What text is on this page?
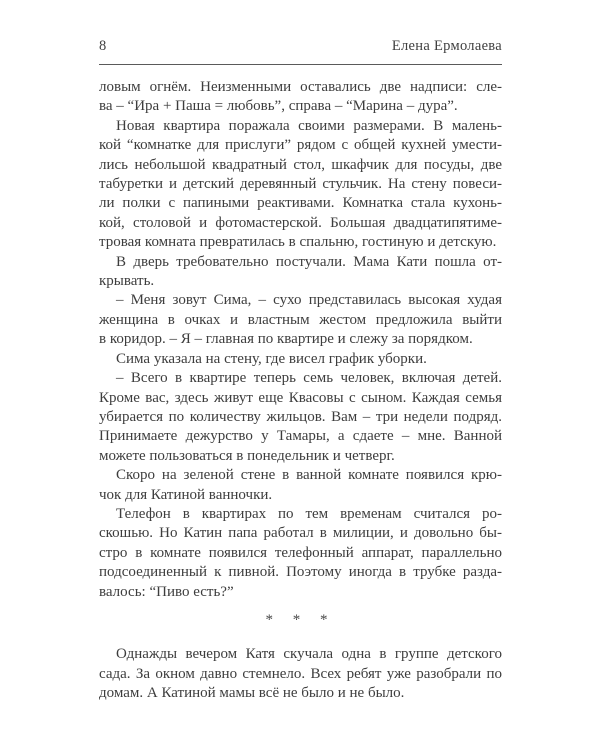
8	Елена Ермолаева
ловым огнём. Неизменными оставались две надписи: сле-
ва – “Ира + Паша = любовь”, справа – “Марина – дура”.
Новая квартира поражала своими размерами. В малень-
кой “комнатке для прислуги” рядом с общей кухней умести-
лись небольшой квадратный стол, шкафчик для посуды, две
табуретки и детский деревянный стульчик. На стену повеси-
ли полки с папиными реактивами. Комнатка стала кухонь-
кой, столовой и фотомастерской. Большая двадцатипятиме-
тровая комната превратилась в спальню, гостиную и детскую.
В дверь требовательно постучали. Мама Кати пошла от-
крывать.
– Меня зовут Сима, – сухо представилась высокая худая
женщина в очках и властным жестом предложила выйти
в коридор. – Я – главная по квартире и слежу за порядком.
Сима указала на стену, где висел график уборки.
– Всего в квартире теперь семь человек, включая детей.
Кроме вас, здесь живут еще Квасовы с сыном. Каждая семья
убирается по количеству жильцов. Вам – три недели подряд.
Принимаете дежурство у Тамары, а сдаете – мне. Ванной
можете пользоваться в понедельник и четверг.
Скоро на зеленой стене в ванной комнате появился крю-
чок для Катиной ванночки.
Телефон в квартирах по тем временам считался ро-
скошью. Но Катин папа работал в милиции, и довольно бы-
стро в комнате появился телефонный аппарат, параллельно
подсоединенный к пивной. Поэтому иногда в трубке разда-
валось: “Пиво есть?”
* * *
Однажды вечером Катя скучала одна в группе детского
сада. За окном давно стемнело. Всех ребят уже разобрали по
домам. А Катиной мамы всё не было и не было.
